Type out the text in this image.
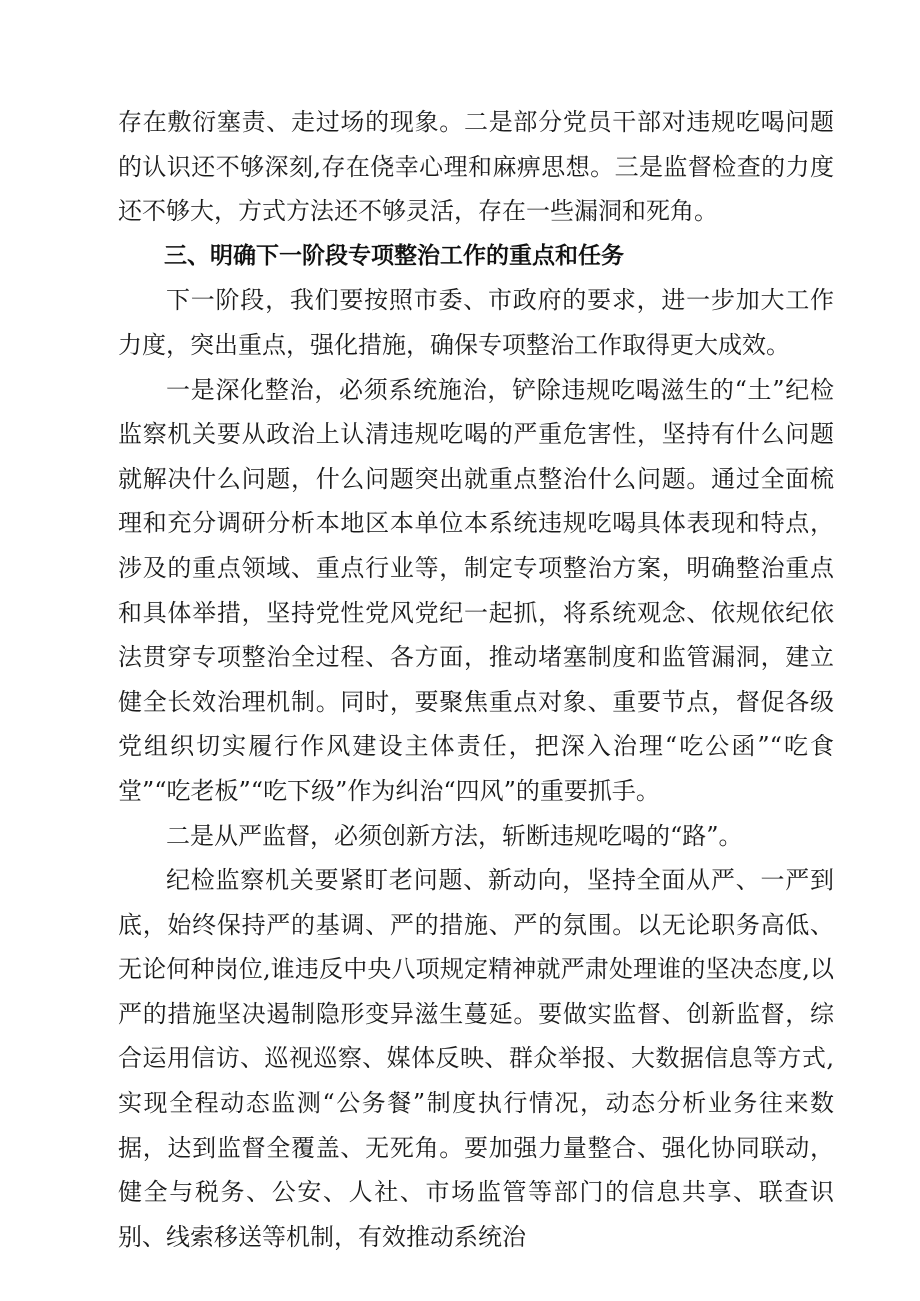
存在敷衍塞责、走过场的现象。二是部分党员干部对违规吃喝问题的认识还不够深刻,存在侥幸心理和麻痹思想。三是监督检查的力度还不够大，方式方法还不够灵活，存在一些漏洞和死角。

三、明确下一阶段专项整治工作的重点和任务

下一阶段，我们要按照市委、市政府的要求，进一步加大工作力度，突出重点，强化措施，确保专项整治工作取得更大成效。

一是深化整治，必须系统施治，铲除违规吃喝滋生的“土”纪检监察机关要从政治上认清违规吃喝的严重危害性，坚持有什么问题就解决什么问题，什么问题突出就重点整治什么问题。通过全面梳理和充分调研分析本地区本单位本系统违规吃喝具体表现和特点，涉及的重点领域、重点行业等，制定专项整治方案，明确整治重点和具体举措，坚持党性党风党纪一起抓，将系统观念、依规依纪依法贯穿专项整治全过程、各方面，推动堵塞制度和监管漏洞，建立健全长效治理机制。同时，要聚焦重点对象、重要节点，督促各级党组织切实履行作风建设主体责任，把深入治理“吃公函”“吃食堂”“吃老板”“吃下级”作为纠治“四风”的重要抓手。

二是从严监督，必须创新方法，斩断违规吃喝的“路”。

纪检监察机关要紧盯老问题、新动向，坚持全面从严、一严到底，始终保持严的基调、严的措施、严的氛围。以无论职务高低、无论何种岗位,谁违反中央八项规定精神就严肃处理谁的坚决态度,以严的措施坚决遏制隐形变异滋生蔓延。要做实监督、创新监督，综合运用信访、巡视巡察、媒体反映、群众举报、大数据信息等方式,实现全程动态监测“公务餐”制度执行情况，动态分析业务往来数据，达到监督全覆盖、无死角。要加强力量整合、强化协同联动，健全与税务、公安、人社、市场监管等部门的信息共享、联查识别、线索移送等机制，有效推动系统治
